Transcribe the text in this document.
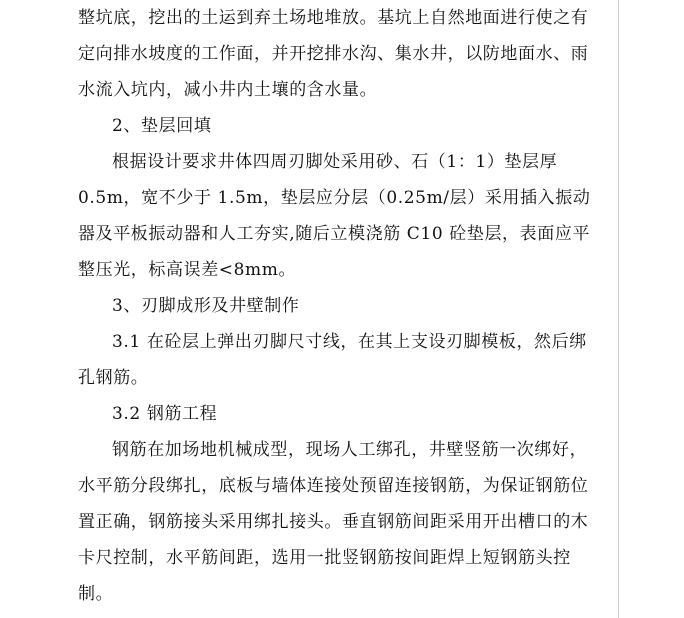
整坑底，挖出的土运到弃土场地堆放。基坑上自然地面进行使之有定向排水坡度的工作面，并开挖排水沟、集水井，以防地面水、雨水流入坑内，减小井内土壤的含水量。

2、垫层回填

根据设计要求井体四周刃脚处采用砂、石（1：1）垫层厚 0.5m，宽不少于 1.5m，垫层应分层（0.25m/层）采用插入振动器及平板振动器和人工夯实,随后立模浇筋 C10 砼垫层，表面应平整压光，标高误差<8mm。

3、刃脚成形及井壁制作

3.1 在砼层上弹出刃脚尺寸线，在其上支设刃脚模板，然后绑孔钢筋。

3.2 钢筋工程

钢筋在加场地机械成型，现场人工绑孔，井壁竖筋一次绑好，水平筋分段绑扎，底板与墙体连接处预留连接钢筋，为保证钢筋位置正确，钢筋接头采用绑扎接头。垂直钢筋间距采用开出槽口的木卡尺控制，水平筋间距，选用一批竖钢筋按间距焊上短钢筋头控制。
